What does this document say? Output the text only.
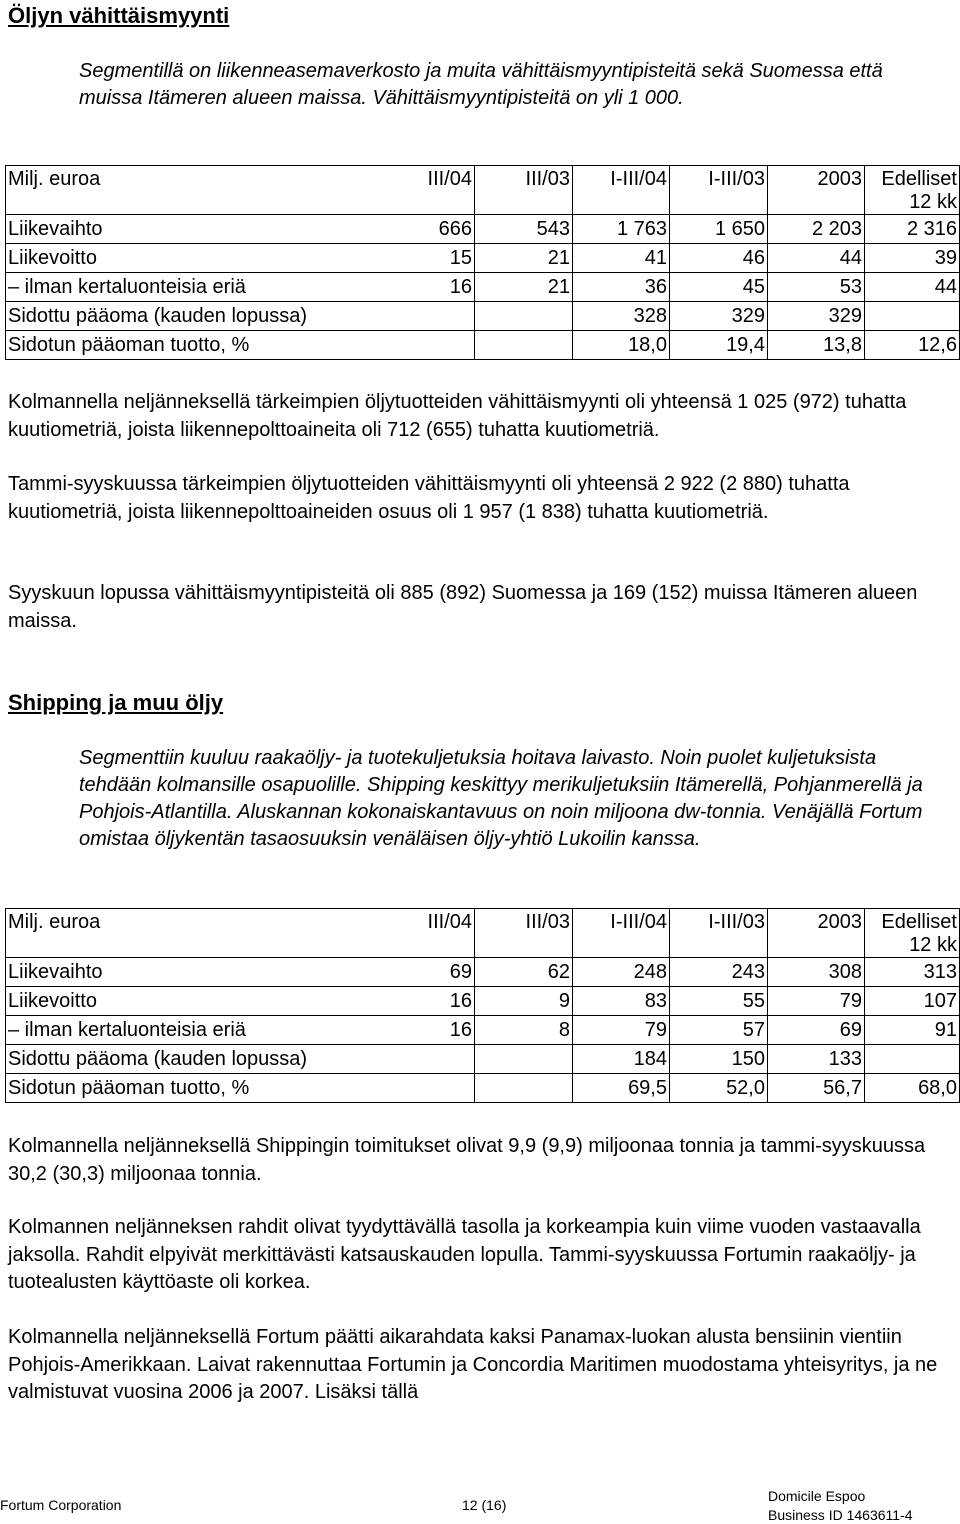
Öljyn vähittäismyynti
Segmentillä on liikenneasemaverkosto ja muita vähittäismyyntipisteitä sekä Suomessa että muissa Itämeren alueen maissa. Vähittäismyyntipisteitä on yli 1 000.
Milj. euroa	III/04	III/03	I-III/04	I-III/03	2003	Edelliset 12 kk
Liikevaihto	666	543	1 763	1 650	2 203	2 316
Liikevoitto	15	21	41	46	44	39
– ilman kertaluonteisia eriä	16	21	36	45	53	44
Sidottu pääoma (kauden lopussa)			328	329	329	
Sidotun pääoman tuotto, %			18,0	19,4	13,8	12,6
Kolmannella neljänneksellä tärkeimpien öljytuotteiden vähittäismyynti oli yhteensä 1 025 (972) tuhatta kuutiometriä, joista liikennepolttoaineita oli 712 (655) tuhatta kuutiometriä.
Tammi-syyskuussa tärkeimpien öljytuotteiden vähittäismyynti oli yhteensä 2 922 (2 880) tuhatta kuutiometriä, joista liikennepolttoaineiden osuus oli 1 957 (1 838) tuhatta kuutiometriä.
Syyskuun lopussa vähittäismyyntipisteitä oli 885 (892) Suomessa ja 169 (152) muissa Itämeren alueen maissa.
Shipping ja muu öljy
Segmenttiin kuuluu raakaöljy- ja tuotekuljetuksia hoitava laivasto. Noin puolet kuljetuksista tehdään kolmansille osapuolille. Shipping keskittyy merikuljetuksiin Itämerellä, Pohjanmerellä ja Pohjois-Atlantilla. Aluskannan kokonaiskantavuus on noin miljoona dw-tonnia. Venäjällä Fortum omistaa öljykentän tasaosuuksin venäläisen öljy-yhtiö Lukoilin kanssa.
Milj. euroa	III/04	III/03	I-III/04	I-III/03	2003	Edelliset 12 kk
Liikevaihto	69	62	248	243	308	313
Liikevoitto	16	9	83	55	79	107
– ilman kertaluonteisia eriä	16	8	79	57	69	91
Sidottu pääoma (kauden lopussa)			184	150	133	
Sidotun pääoman tuotto, %			69,5	52,0	56,7	68,0
Kolmannella neljänneksellä Shippingin toimitukset olivat 9,9 (9,9) miljoonaa tonnia ja tammi-syyskuussa 30,2 (30,3) miljoonaa tonnia.
Kolmannen neljänneksen rahdit olivat tyydyttävällä tasolla ja korkeampia kuin viime vuoden vastaavalla jaksolla. Rahdit elpyivät merkittävästi katsauskauden lopulla. Tammi-syyskuussa Fortumin raakaöljy- ja tuotealusten käyttöaste oli korkea.
Kolmannella neljänneksellä Fortum päätti aikarahdata kaksi Panamax-luokan alusta bensiinin vientiin Pohjois-Amerikkaan. Laivat rakennuttaa Fortumin ja Concordia Maritimen muodostama yhteisyritys, ja ne valmistuvat vuosina 2006 ja 2007. Lisäksi tällä
Fortum Corporation	12 (16)
Domicile Espoo
Business ID 1463611-4
